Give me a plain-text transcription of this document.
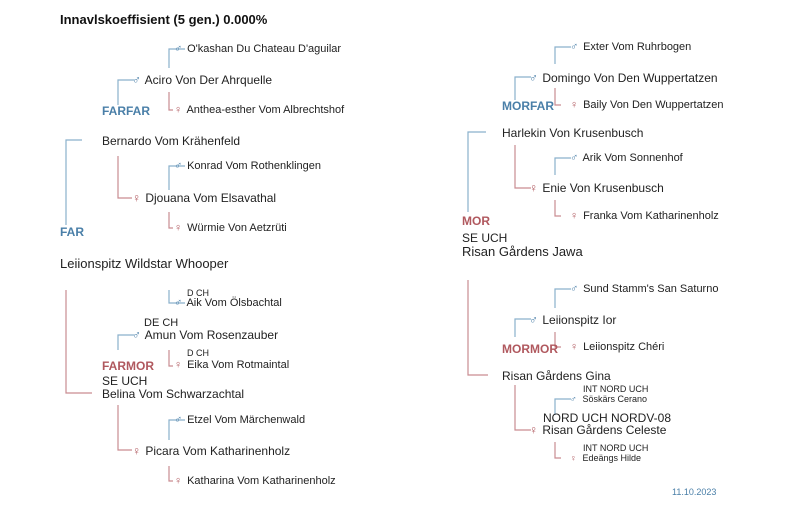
Innavlskoeffisient (5 gen.) 0.000%
♂ O'kashan Du Chateau D'aguilar
♂ Aciro Von Der Ahrquelle
FARFAR ♀ Anthea-esther Vom Albrechtshof
Bernardo Vom Krähenfeld
♂ Konrad Vom Rothenklingen
♀ Djouana Vom Elsavathal
♀ Würmie Von Aetzrüti
FAR
Leiionspitz Wildstar Whooper
D CH
♂ Aik Vom Ölsbachtal
DE CH
♂ Amun Vom Rosenzauber
D CH
FARMOR ♀ Eika Vom Rotmaintal
SE UCH
Belina Vom Schwarzachtal
♂ Etzel Vom Märchenwald
♀ Picara Vom Katharinenholz
♀ Katharina Vom Katharinenholz
♂ Exter Vom Ruhrbogen
♂ Domingo Von Den Wuppertatzen
MORFAR ♀ Baily Von Den Wuppertatzen
Harlekin Von Krusenbusch
♂ Arik Vom Sonnenhof
♀ Enie Von Krusenbusch
♀ Franka Vom Katharinenholz
MOR
SE UCH
Risan Gårdens Jawa
♂ Sund Stamm's San Saturno
♂ Leiionspitz Ior
MORMOR ♀ Leiionspitz Chéri
Risan Gårdens Gina
INT NORD UCH
♂ Söskärs Cerano
NORD UCH NORDV-08
♀ Risan Gårdens Celeste
INT NORD UCH
♀ Edeängs Hilde
11.10.2023
